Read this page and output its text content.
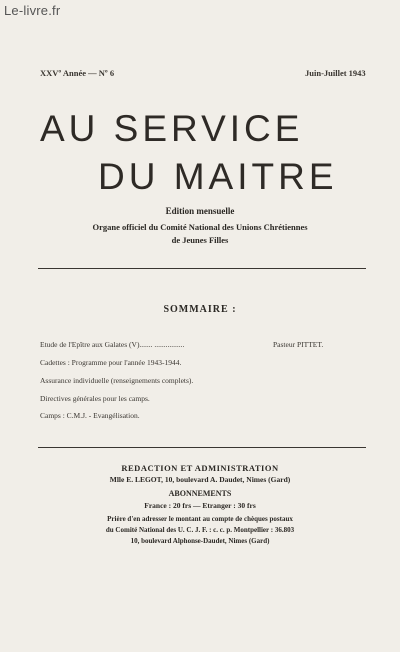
Le-livre.fr
XXVº Année — Nº 6	Juin-Juillet 1943
AU SERVICE
DU MAITRE
Edition mensuelle
Organe officiel du Comité National des Unions Chrétiennes
de Jeunes Filles
SOMMAIRE :
Etude de l'Epître aux Galates (V)....... ................	Pasteur PITTET.
Cadettes : Programme pour l'année 1943-1944.
Assurance individuelle (renseignements complets).
Directives générales pour les camps.
Camps : C.M.J. - Evangélisation.
REDACTION ET ADMINISTRATION
Mlle E. LEGOT, 10, boulevard A. Daudet, Nimes (Gard)
ABONNEMENTS
France : 20 frs — Etranger : 30 frs
Prière d'en adresser le montant au compte de chèques postaux
du Comité National des U. C. J. F. : c. c. p. Montpellier : 36.803
10, boulevard Alphonse-Daudet, Nimes (Gard)
